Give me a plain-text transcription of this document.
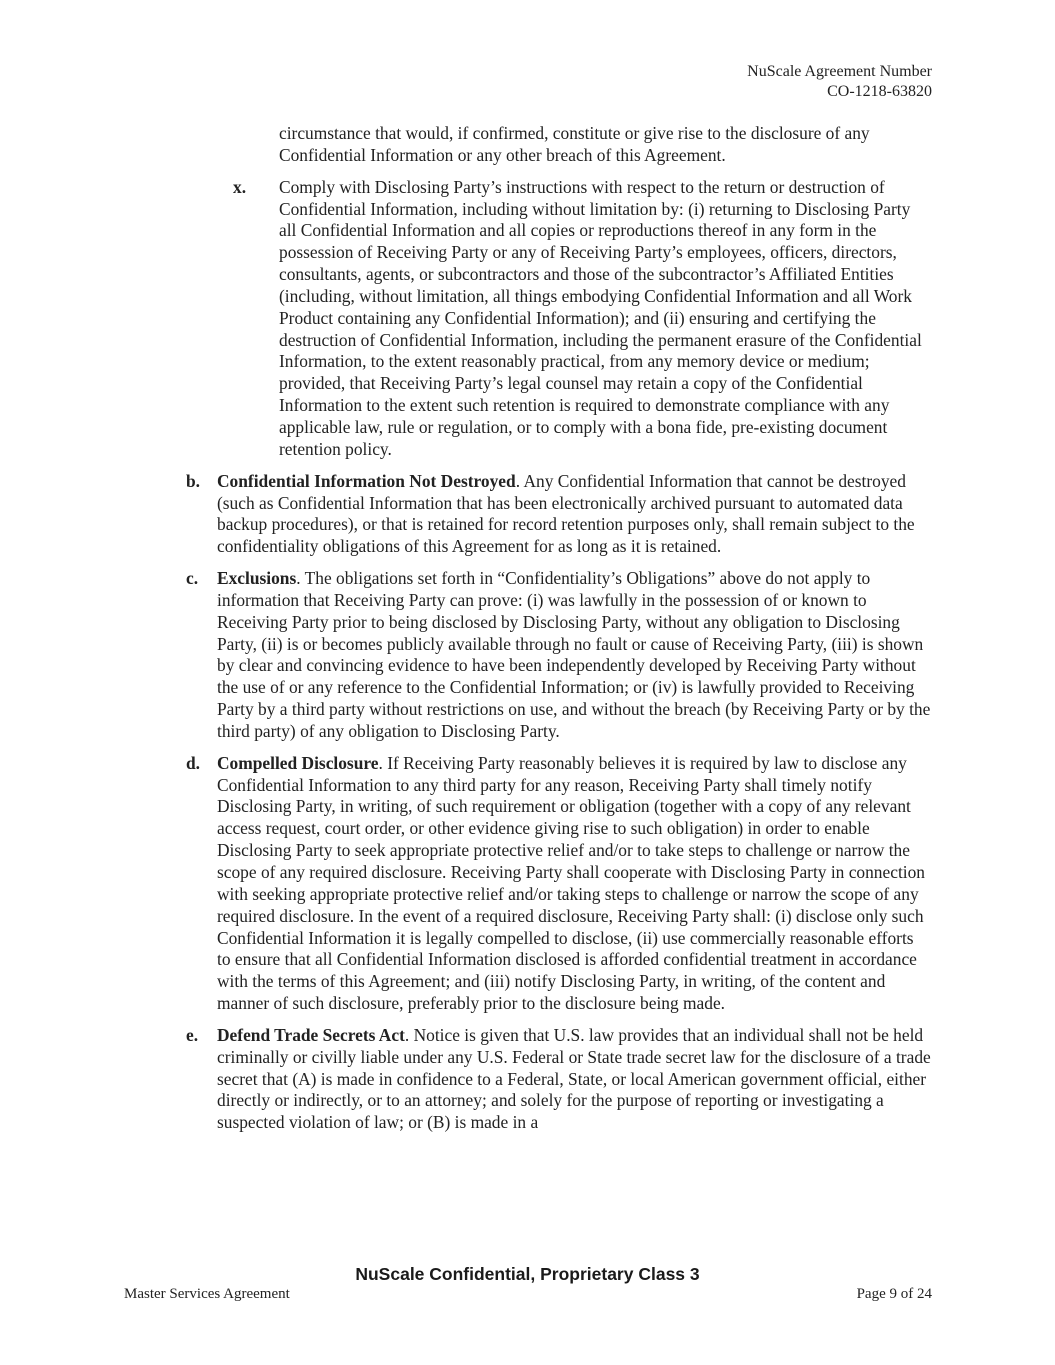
NuScale Agreement Number
CO-1218-63820
circumstance that would, if confirmed, constitute or give rise to the disclosure of any Confidential Information or any other breach of this Agreement.
x.	Comply with Disclosing Party’s instructions with respect to the return or destruction of Confidential Information, including without limitation by: (i) returning to Disclosing Party all Confidential Information and all copies or reproductions thereof in any form in the possession of Receiving Party or any of Receiving Party’s employees, officers, directors, consultants, agents, or subcontractors and those of the subcontractor’s Affiliated Entities (including, without limitation, all things embodying Confidential Information and all Work Product containing any Confidential Information); and (ii) ensuring and certifying the destruction of Confidential Information, including the permanent erasure of the Confidential Information, to the extent reasonably practical, from any memory device or medium; provided, that Receiving Party’s legal counsel may retain a copy of the Confidential Information to the extent such retention is required to demonstrate compliance with any applicable law, rule or regulation, or to comply with a bona fide, pre-existing document retention policy.
b. Confidential Information Not Destroyed. Any Confidential Information that cannot be destroyed (such as Confidential Information that has been electronically archived pursuant to automated data backup procedures), or that is retained for record retention purposes only, shall remain subject to the confidentiality obligations of this Agreement for as long as it is retained.
c.	Exclusions. The obligations set forth in “Confidentiality’s Obligations” above do not apply to information that Receiving Party can prove: (i) was lawfully in the possession of or known to Receiving Party prior to being disclosed by Disclosing Party, without any obligation to Disclosing Party, (ii) is or becomes publicly available through no fault or cause of Receiving Party, (iii) is shown by clear and convincing evidence to have been independently developed by Receiving Party without the use of or any reference to the Confidential Information; or (iv) is lawfully provided to Receiving Party by a third party without restrictions on use, and without the breach (by Receiving Party or by the third party) of any obligation to Disclosing Party.
d. Compelled Disclosure. If Receiving Party reasonably believes it is required by law to disclose any Confidential Information to any third party for any reason, Receiving Party shall timely notify Disclosing Party, in writing, of such requirement or obligation (together with a copy of any relevant access request, court order, or other evidence giving rise to such obligation) in order to enable Disclosing Party to seek appropriate protective relief and/or to take steps to challenge or narrow the scope of any required disclosure. Receiving Party shall cooperate with Disclosing Party in connection with seeking appropriate protective relief and/or taking steps to challenge or narrow the scope of any required disclosure. In the event of a required disclosure, Receiving Party shall: (i) disclose only such Confidential Information it is legally compelled to disclose, (ii) use commercially reasonable efforts to ensure that all Confidential Information disclosed is afforded confidential treatment in accordance with the terms of this Agreement; and (iii) notify Disclosing Party, in writing, of the content and manner of such disclosure, preferably prior to the disclosure being made.
e.	Defend Trade Secrets Act. Notice is given that U.S. law provides that an individual shall not be held criminally or civilly liable under any U.S. Federal or State trade secret law for the disclosure of a trade secret that (A) is made in confidence to a Federal, State, or local American government official, either directly or indirectly, or to an attorney; and solely for the purpose of reporting or investigating a suspected violation of law; or (B) is made in a
NuScale Confidential, Proprietary Class 3
Master Services Agreement	Page 9 of 24
